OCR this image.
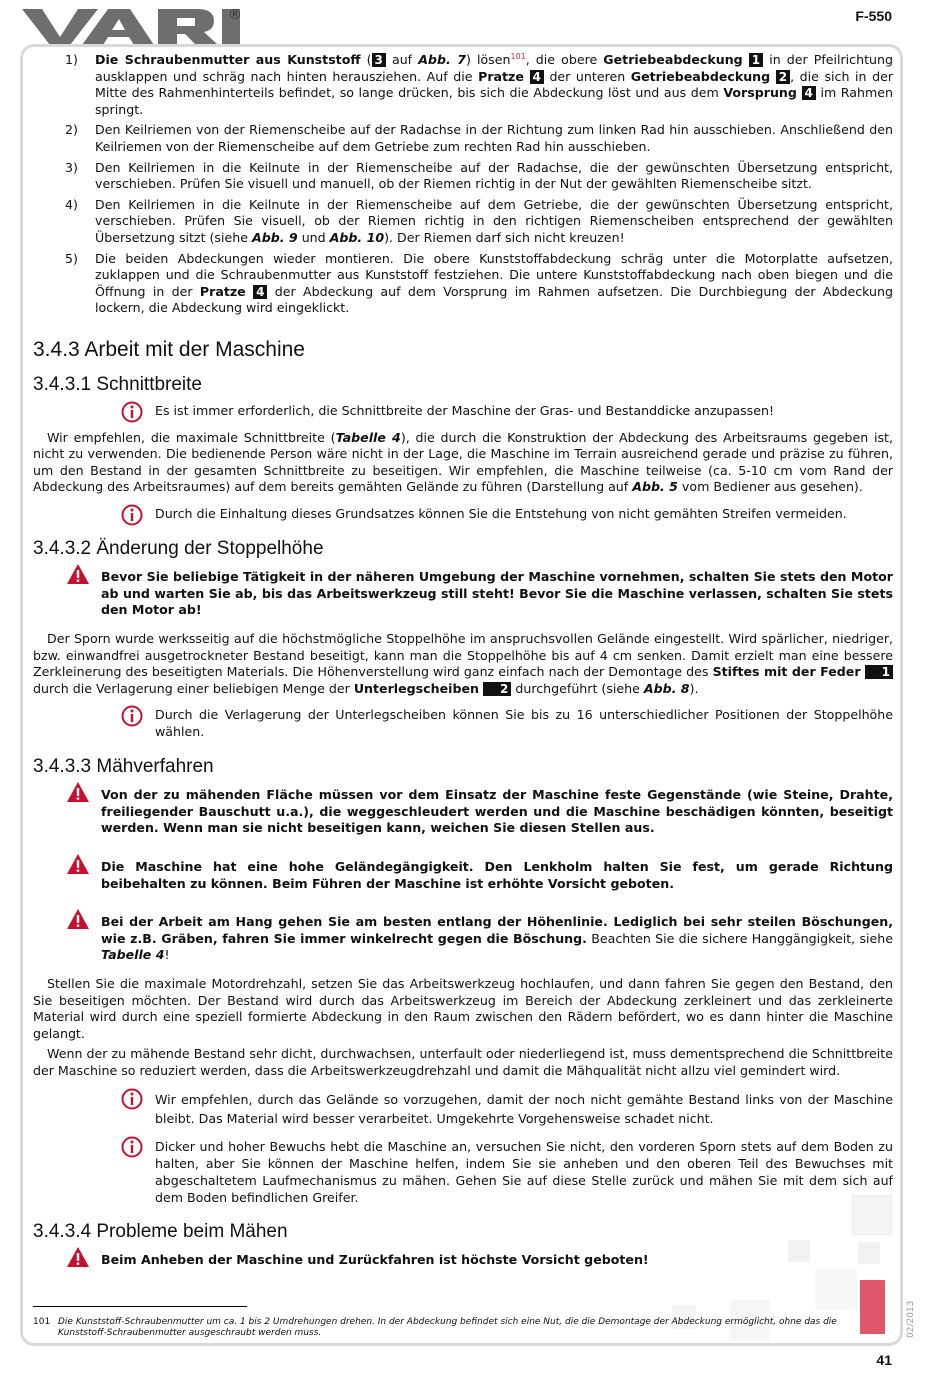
®	F-550
1) Die Schraubenmutter aus Kunststoff ( 3 auf Abb. 7) lösen$^{101}$, die obere Getriebeabdeckung 1 in der Pfeilrichtung ausklappen und schräg nach hinten herausziehen. Auf die Pratze 4 der unteren Getriebeabdeckung 2 , die sich in der Mitte des Rahmenhinterteils befindet, so lange drücken, bis sich die Abdeckung löst und aus dem Vorsprung 4 im Rahmen springt.
2) Den Keilriemen von der Riemenscheibe auf der Radachse in der Richtung zum linken Rad hin ausschieben. Anschließend den Keilriemen von der Riemenscheibe auf dem Getriebe zum rechten Rad hin ausschieben.
3) Den Keilriemen in die Keilnute in der Riemenscheibe auf der Radachse, die der gewünschten Übersetzung entspricht, verschieben. Prüfen Sie visuell und manuell, ob der Riemen richtig in der Nut der gewählten Riemenscheibe sitzt.
4) Den Keilriemen in die Keilnute in der Riemenscheibe auf dem Getriebe, die der gewünschten Übersetzung entspricht, verschieben. Prüfen Sie visuell, ob der Riemen richtig in den richtigen Riemenscheiben entsprechend der gewählten Übersetzung sitzt (siehe Abb. 9 und Abb. 10). Der Riemen darf sich nicht kreuzen!
5) Die beiden Abdeckungen wieder montieren. Die obere Kunststoffabdeckung schräg unter die Motorplatte aufsetzen, zuklappen und die Schraubenmutter aus Kunststoff festziehen. Die untere Kunststoffabdeckung nach oben biegen und die Öffnung in der Pratze 4 der Abdeckung auf dem Vorsprung im Rahmen aufsetzen. Die Durchbiegung der Abdeckung lockern, die Abdeckung wird eingeklickt.
3.4.3 Arbeit mit der Maschine
3.4.3.1 Schnittbreite
Es ist immer erforderlich, die Schnittbreite der Maschine der Gras- und Bestanddicke anzupassen!

Wir empfehlen, die maximale Schnittbreite (Tabelle 4), die durch die Konstruktion der Abdeckung des Arbeitsraums gegeben ist, nicht zu verwenden. Die bedienende Person wäre nicht in der Lage, die Maschine im Terrain ausreichend gerade und präzise zu führen, um den Bestand in der gesamten Schnittbreite zu beseitigen. Wir empfehlen, die Maschine teilweise (ca. 5-10 cm vom Rand der Abdeckung des Arbeitsraumes) auf dem bereits gemähten Gelände zu führen (Darstellung auf Abb. 5 vom Bediener aus gesehen).

Durch die Einhaltung dieses Grundsatzes können Sie die Entstehung von nicht gemähten Streifen vermeiden.
3.4.3.2 Änderung der Stoppelhöhe
Bevor Sie beliebige Tätigkeit in der näheren Umgebung der Maschine vornehmen, schalten Sie stets den Motor ab und warten Sie ab, bis das Arbeitswerkzeug still steht! Bevor Sie die Maschine verlassen, schalten Sie stets den Motor ab!

Der Sporn wurde werksseitig auf die höchstmögliche Stoppelhöhe im anspruchsvollen Gelände eingestellt. Wird spärlicher, niedriger, bzw. einwandfrei ausgetrockneter Bestand beseitigt, kann man die Stoppelhöhe bis auf 4 cm senken. Damit erzielt man eine bessere Zerkleinerung des beseitigten Materials. Die Höhenverstellung wird ganz einfach nach der Demontage des Stiftes mit der Feder 1 durch die Verlagerung einer beliebigen Menge der Unterlegscheiben 2 durchgeführt (siehe Abb. 8).

Durch die Verlagerung der Unterlegscheiben können Sie bis zu 16 unterschiedlicher Positionen der Stoppelhöhe wählen.
3.4.3.3 Mähverfahren
Von der zu mähenden Fläche müssen vor dem Einsatz der Maschine feste Gegenstände (wie Steine, Drahte, freiliegender Bauschutt u.a.), die weggeschleudert werden und die Maschine beschädigen könnten, beseitigt werden. Wenn man sie nicht beseitigen kann, weichen Sie diesen Stellen aus.
Die Maschine hat eine hohe Geländegängigkeit. Den Lenkholm halten Sie fest, um gerade Richtung beibehalten zu können. Beim Führen der Maschine ist erhöhte Vorsicht geboten.
Bei der Arbeit am Hang gehen Sie am besten entlang der Höhenlinie. Lediglich bei sehr steilen Böschungen, wie z.B. Gräben, fahren Sie immer winkelrecht gegen die Böschung. Beachten Sie die sichere Hanggängigkeit, siehe Tabelle 4!

Stellen Sie die maximale Motordrehzahl, setzen Sie das Arbeitswerkzeug hochlaufen, und dann fahren Sie gegen den Bestand, den Sie beseitigen möchten. Der Bestand wird durch das Arbeitswerkzeug im Bereich der Abdeckung zerkleinert und das zerkleinerte Material wird durch eine speziell formierte Abdeckung in den Raum zwischen den Rädern befördert, wo es dann hinter die Maschine gelangt.

Wenn der zu mähende Bestand sehr dicht, durchwachsen, unterfault oder niederliegend ist, muss dementsprechend die Schnittbreite der Maschine so reduziert werden, dass die Arbeitswerkzeugdrehzahl und damit die Mähqualität nicht allzu viel gemindert wird.

Wir empfehlen, durch das Gelände so vorzugehen, damit der noch nicht gemähte Bestand links von der Maschine bleibt. Das Material wird besser verarbeitet. Umgekehrte Vorgehensweise schadet nicht.
Dicker und hoher Bewuchs hebt die Maschine an, versuchen Sie nicht, den vorderen Sporn stets auf dem Boden zu halten, aber Sie können der Maschine helfen, indem Sie sie anheben und den oberen Teil des Bewuchses mit abgeschaltetem Laufmechanismus zu mähen. Gehen Sie auf diese Stelle zurück und mähen Sie mit dem sich auf dem Boden befindlichen Greifer.
3.4.3.4 Probleme beim Mähen
Beim Anheben der Maschine und Zurückfahren ist höchste Vorsicht geboten!
101 Die Kunststoff-Schraubenmutter um ca. 1 bis 2 Umdrehungen drehen. In der Abdeckung befindet sich eine Nut, die die Demontage der Abdeckung ermöglicht, ohne das die Kunststoff-Schraubenmutter ausgeschraubt werden muss.	02/2013
41
